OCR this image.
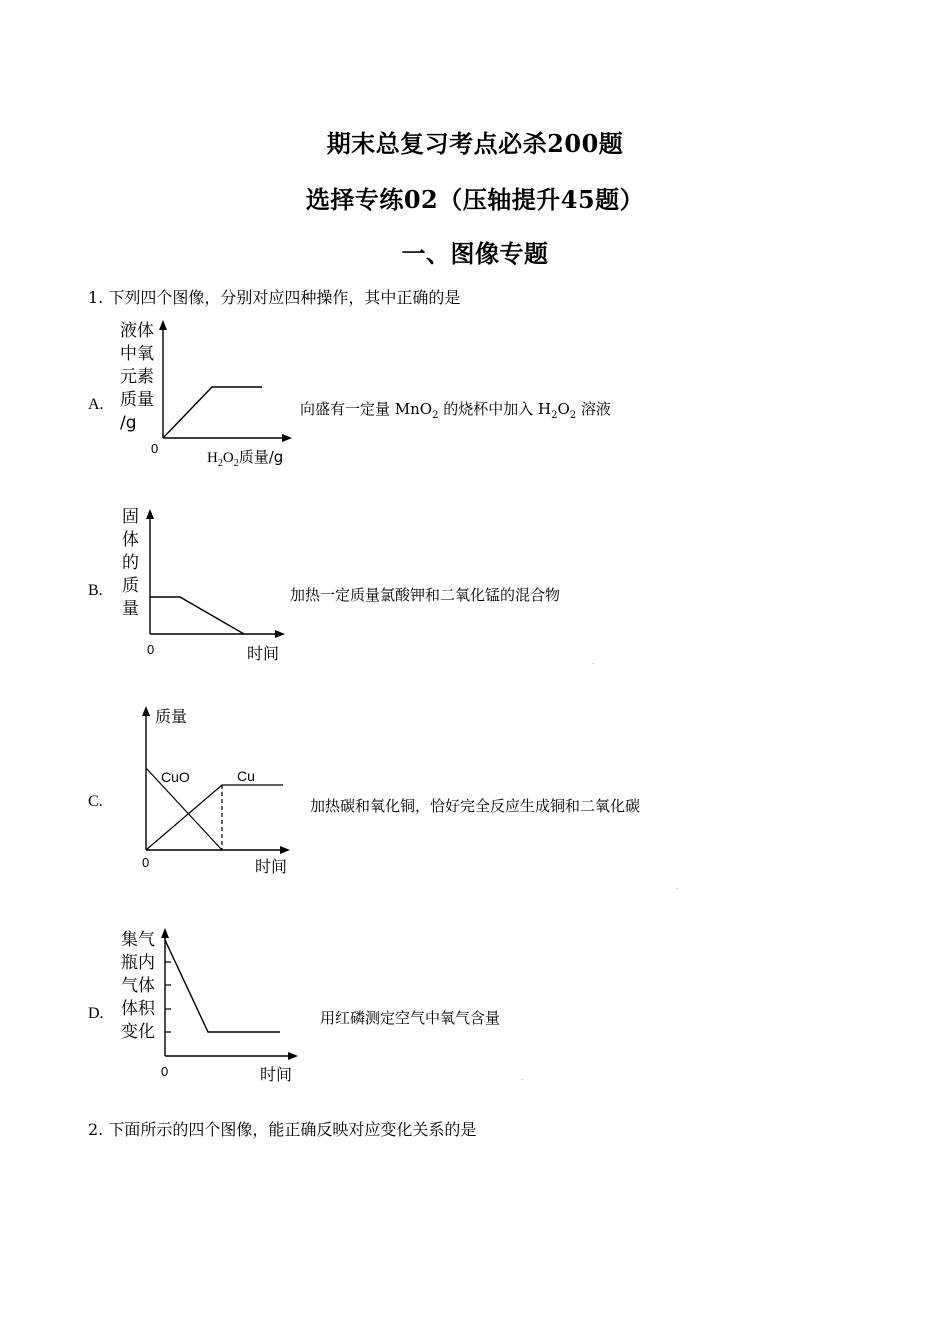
期末总复习考点必杀200题
选择专练02（压轴提升45题）
一、图像专题
1. 下列四个图像，分别对应四种操作，其中正确的是
A.
液体
中氧
元素
质量
/g
0
$H_2O_2$质量/g
向盛有一定量 MnO$_2$ 的烧杯中加入 $H_2O_2$ 溶液
B.
固
体
的
质
量
0	时间
加热一定质量氯酸钾和二氧化锰的混合物
.
C.
质量
CuO	Cu
0	时间
加热碳和氧化铜，恰好完全反应生成铜和二氧化碳
.
D.
集气
瓶内
气体
体积
变化
0	时间
用红磷测定空气中氧气含量
.
2. 下面所示的四个图像，能正确反映对应变化关系的是
